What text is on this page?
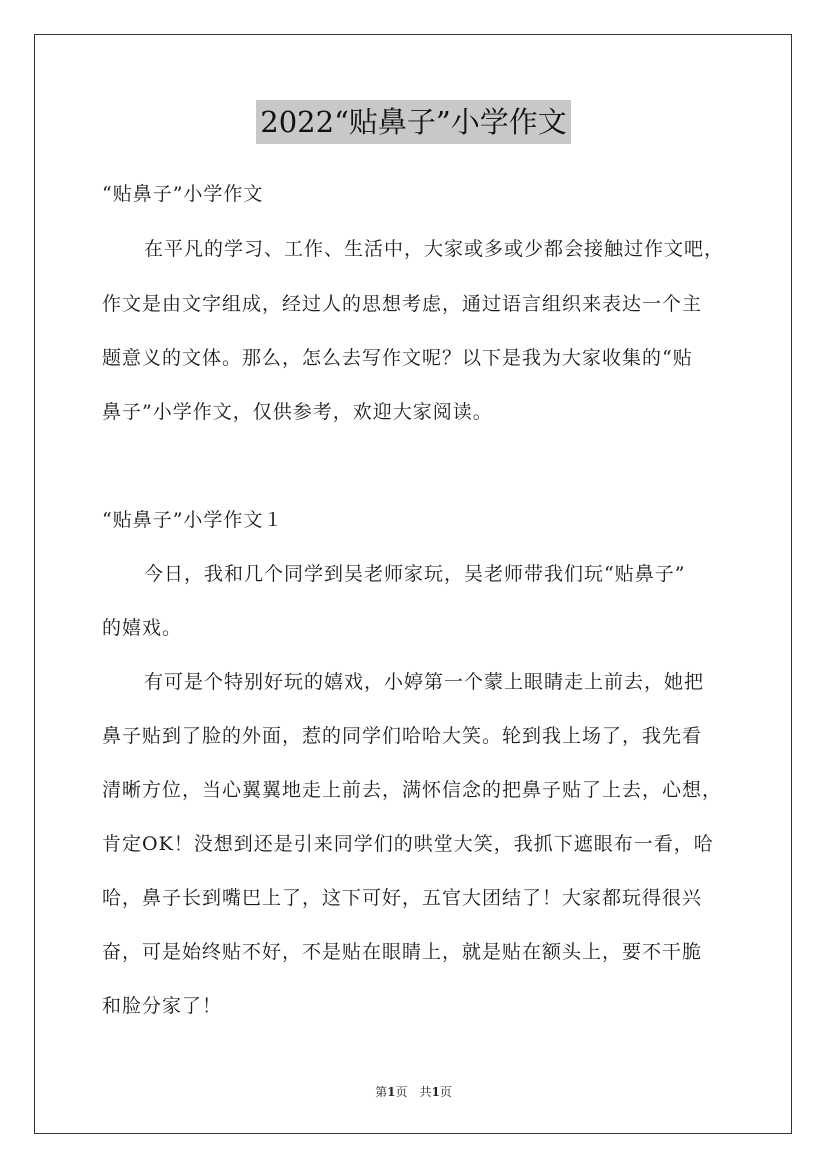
2022“贴鼻子”小学作文
“贴鼻子”小学作文
在平凡的学习、工作、生活中，大家或多或少都会接触过作文吧，
作文是由文字组成，经过人的思想考虑，通过语言组织来表达一个主
题意义的文体。那么，怎么去写作文呢？以下是我为大家收集的“贴
鼻子”小学作文，仅供参考，欢迎大家阅读。
“贴鼻子”小学作文１
今日，我和几个同学到吴老师家玩，吴老师带我们玩“贴鼻子”
的嬉戏。
有可是个特别好玩的嬉戏，小婷第一个蒙上眼睛走上前去，她把
鼻子贴到了脸的外面，惹的同学们哈哈大笑。轮到我上场了，我先看
清晰方位，当心翼翼地走上前去，满怀信念的把鼻子贴了上去，心想，
肯定OK！没想到还是引来同学们的哄堂大笑，我抓下遮眼布一看，哈
哈，鼻子长到嘴巴上了，这下可好，五官大团结了！大家都玩得很兴
奋，可是始终贴不好，不是贴在眼睛上，就是贴在额头上，要不干脆
和脸分家了！
第1页　共1页
